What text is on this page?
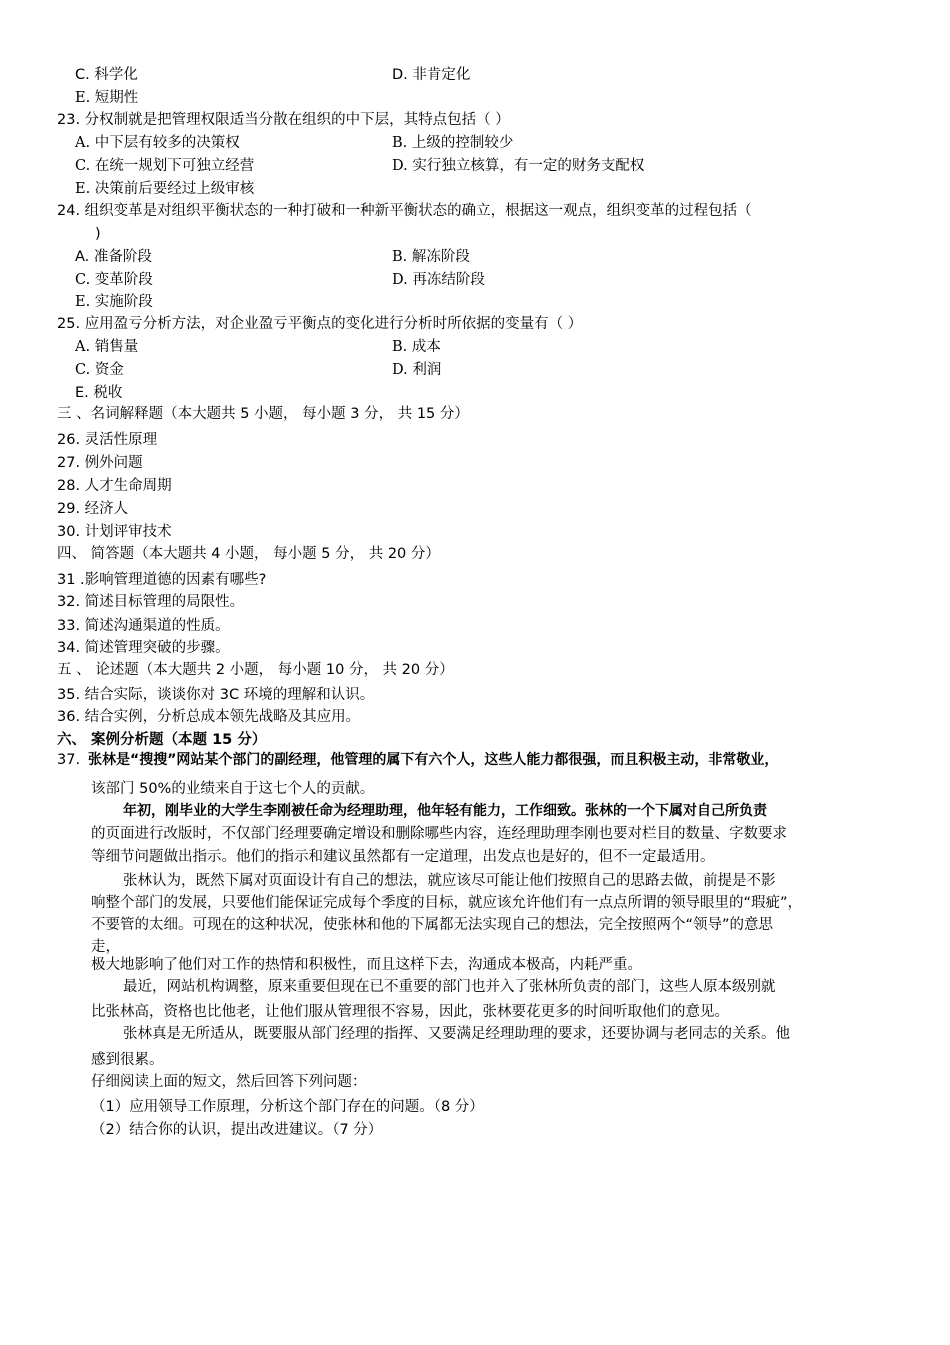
C. 科学化	D. 非肯定化
E. 短期性
23. 分权制就是把管理权限适当分散在组织的中下层，其特点包括（ ）
A. 中下层有较多的决策权	B. 上级的控制较少
C. 在统一规划下可独立经营	D. 实行独立核算，有一定的财务支配权
E. 决策前后要经过上级审核
24. 组织变革是对组织平衡状态的一种打破和一种新平衡状态的确立，根据这一观点，组织变革的过程包括（
)
A. 准备阶段	B. 解冻阶段
C. 变革阶段	D. 再冻结阶段
E. 实施阶段
25. 应用盈亏分析方法，对企业盈亏平衡点的变化进行分析时所依据的变量有（ ）
A. 销售量	B. 成本
C. 资金	D. 利润
E. 税收
三 、名词解释题（本大题共 5 小题， 每小题 3 分， 共 15 分）
26. 灵活性原理
27. 例外问题
28. 人才生命周期
29. 经济人
30. 计划评审技术
四、 简答题（本大题共 4 小题， 每小题 5 分， 共 20 分）
31 .影响管理道德的因素有哪些?
32. 简述目标管理的局限性。
33. 简述沟通渠道的性质。
34. 简述管理突破的步骤。
五 、 论述题（本大题共 2 小题， 每小题 10 分， 共 20 分）
35. 结合实际，谈谈你对 3C 环境的理解和认识。
36. 结合实例，分析总成本领先战略及其应用。
六、 案例分析题（本题 15 分）
37. 张林是“搜搜”网站某个部门的副经理，他管理的属下有六个人，这些人能力都很强，而且积极主动，非常敬业，
该部门 50%的业绩来自于这七个人的贡献。
年初，刚毕业的大学生李刚被任命为经理助理，他年轻有能力，工作细致。张林的一个下属对自己所负责
的页面进行改版时，不仅部门经理要确定增设和删除哪些内容，连经理助理李刚也要对栏目的数量、字数要求
等细节问题做出指示。他们的指示和建议虽然都有一定道理，出发点也是好的，但不一定最适用。
张林认为，既然下属对页面设计有自己的想法，就应该尽可能让他们按照自己的思路去做，前提是不影
响整个部门的发展，只要他们能保证完成每个季度的目标，就应该允许他们有一点点所谓的领导眼里的“瑕疵”，
不要管的太细。可现在的这种状况，使张林和他的下属都无法实现自己的想法，完全按照两个“领导”的意思
走，
极大地影响了他们对工作的热情和积极性，而且这样下去，沟通成本极高，内耗严重。
最近，网站机构调整，原来重要但现在已不重要的部门也并入了张林所负责的部门，这些人原本级别就
比张林高，资格也比他老，让他们服从管理很不容易，因此，张林要花更多的时间听取他们的意见。
张林真是无所适从，既要服从部门经理的指挥、又要满足经理助理的要求，还要协调与老同志的关系。他
感到很累。
仔细阅读上面的短文，然后回答下列问题：
（1）应用领导工作原理，分析这个部门存在的问题。（8 分）
（2）结合你的认识，提出改进建议。（7 分）
